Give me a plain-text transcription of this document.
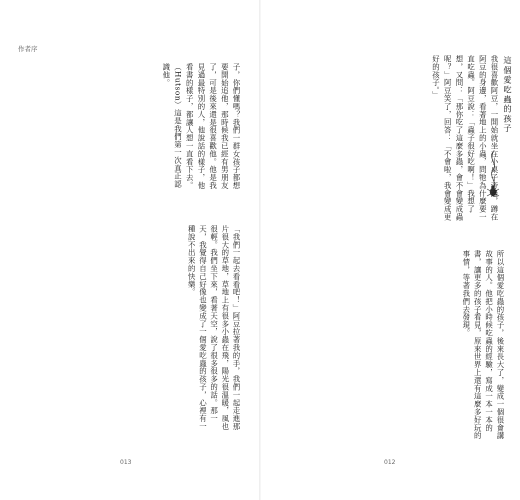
作者序
子，你們懂嗎？我們一群女孩子都想要開始追他，那時候我已經有男朋友了，可是後來還是很喜歡他。他是我見過最特別的人，他說話的樣子，他看書的樣子，都讓人想一直看下去。（Hutson）這是我們第一次真正認識他。
「我們一起去看看吧！」阿豆拉著我的手，我們一起走進那片很大的草地，草地上有很多小蟲在飛，陽光很溫暖，風也很輕。我們坐下來，看著天空，說了很多很多的話。那一天，我覺得自己好像也變成了一個愛吃蟲的孩子，心裡有一種說不出來的快樂。
013
這個愛吃蟲的孩子
我很喜歡阿豆，一開始就坐在小桌子旁邊，蹲在阿豆的身邊，看著地上的小蟲，問牠為什麼要一直吃蟲。阿豆說：「蟲子很好吃啊！」我想了想，又問：「那你吃了這麼多蟲，會不會變成蟲呢？」阿豆笑了，回答：「不會啦，我會變成更好的孩子。」
所以這個愛吃蟲的孩子，後來長大了，變成一個很會講故事的人。他把小時候吃蟲的經驗，寫成一本一本的書，讓更多的孩子看見，原來世界上還有這麼多好玩的事情，等著我們去發現。
012
